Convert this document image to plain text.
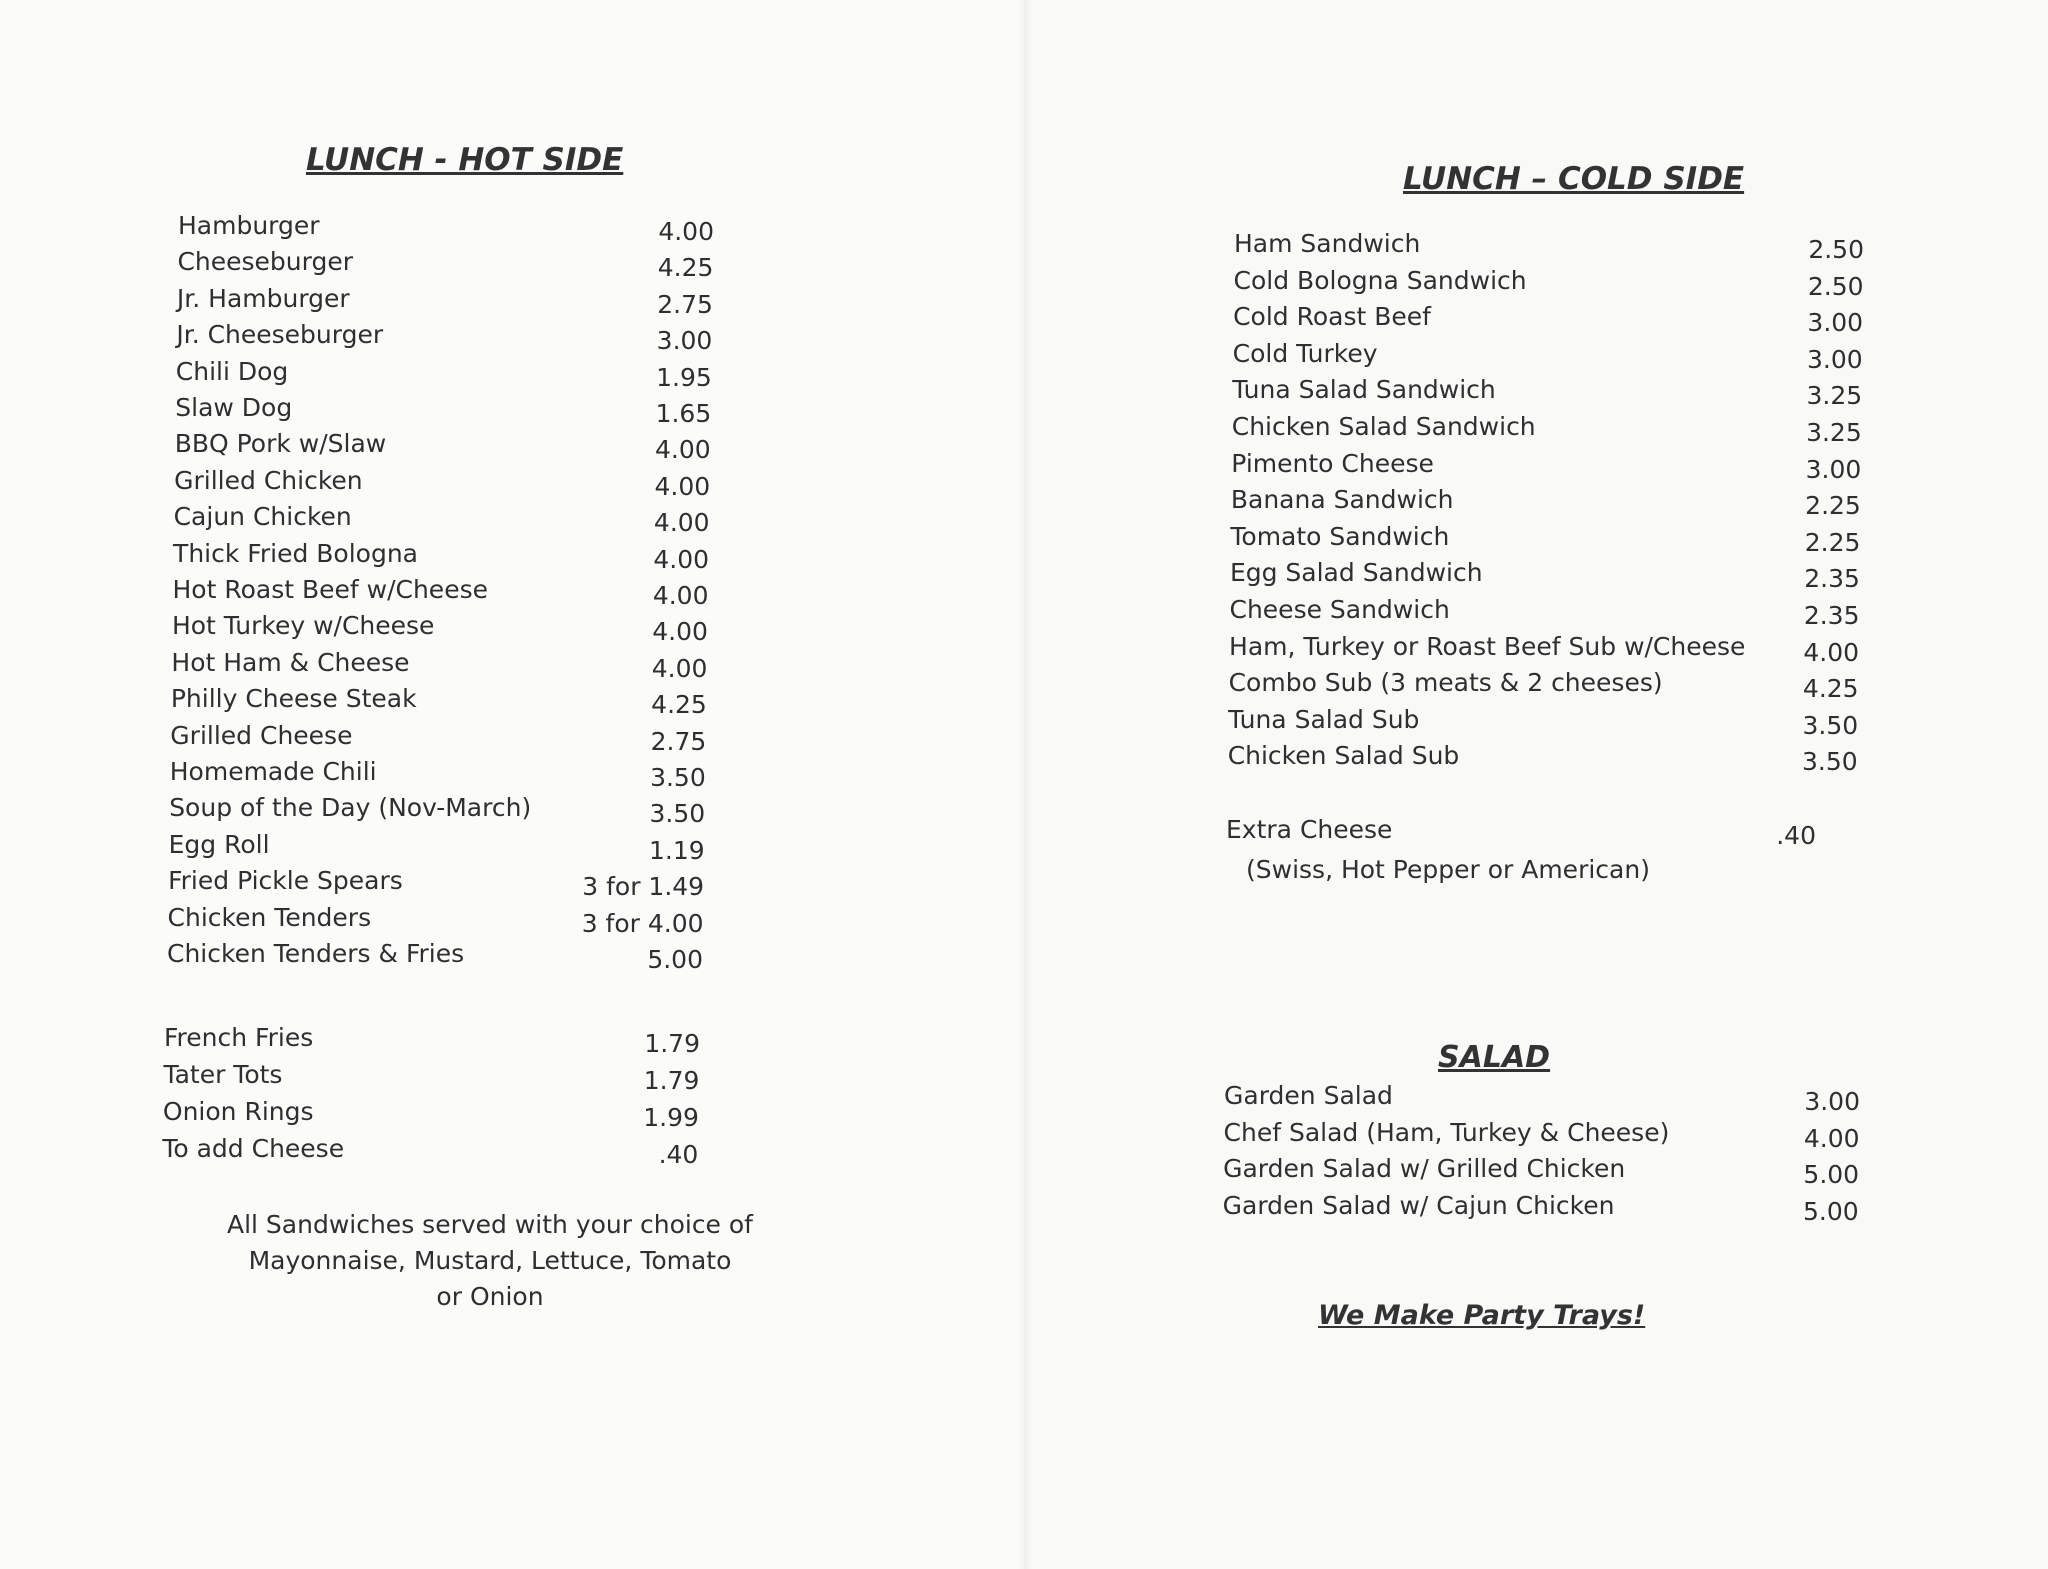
LUNCH - HOT SIDE
Hamburger	4.00
Cheeseburger	4.25
Jr. Hamburger	2.75
Jr. Cheeseburger	3.00
Chili Dog	1.95
Slaw Dog	1.65
BBQ Pork w/Slaw	4.00
Grilled Chicken	4.00
Cajun Chicken	4.00
Thick Fried Bologna	4.00
Hot Roast Beef w/Cheese	4.00
Hot Turkey w/Cheese	4.00
Hot Ham & Cheese	4.00
Philly Cheese Steak	4.25
Grilled Cheese	2.75
Homemade Chili	3.50
Soup of the Day (Nov-March)	3.50
Egg Roll	1.19
Fried Pickle Spears	3 for 1.49
Chicken Tenders	3 for 4.00
Chicken Tenders & Fries	5.00
French Fries	1.79
Tater Tots	1.79
Onion Rings	1.99
To add Cheese	.40
All Sandwiches served with your choice of
Mayonnaise, Mustard, Lettuce, Tomato
or Onion
LUNCH – COLD SIDE
Ham Sandwich	2.50
Cold Bologna Sandwich	2.50
Cold Roast Beef	3.00
Cold Turkey	3.00
Tuna Salad Sandwich	3.25
Chicken Salad Sandwich	3.25
Pimento Cheese	3.00
Banana Sandwich	2.25
Tomato Sandwich	2.25
Egg Salad Sandwich	2.35
Cheese Sandwich	2.35
Ham, Turkey or Roast Beef Sub w/Cheese 4.00
Combo Sub (3 meats & 2 cheeses)	4.25
Tuna Salad Sub	3.50
Chicken Salad Sub	3.50
Extra Cheese	.40
(Swiss, Hot Pepper or American)
SALAD
Garden Salad	3.00
Chef Salad (Ham, Turkey & Cheese)	4.00
Garden Salad w/ Grilled Chicken	5.00
Garden Salad w/ Cajun Chicken	5.00
We Make Party Trays!
